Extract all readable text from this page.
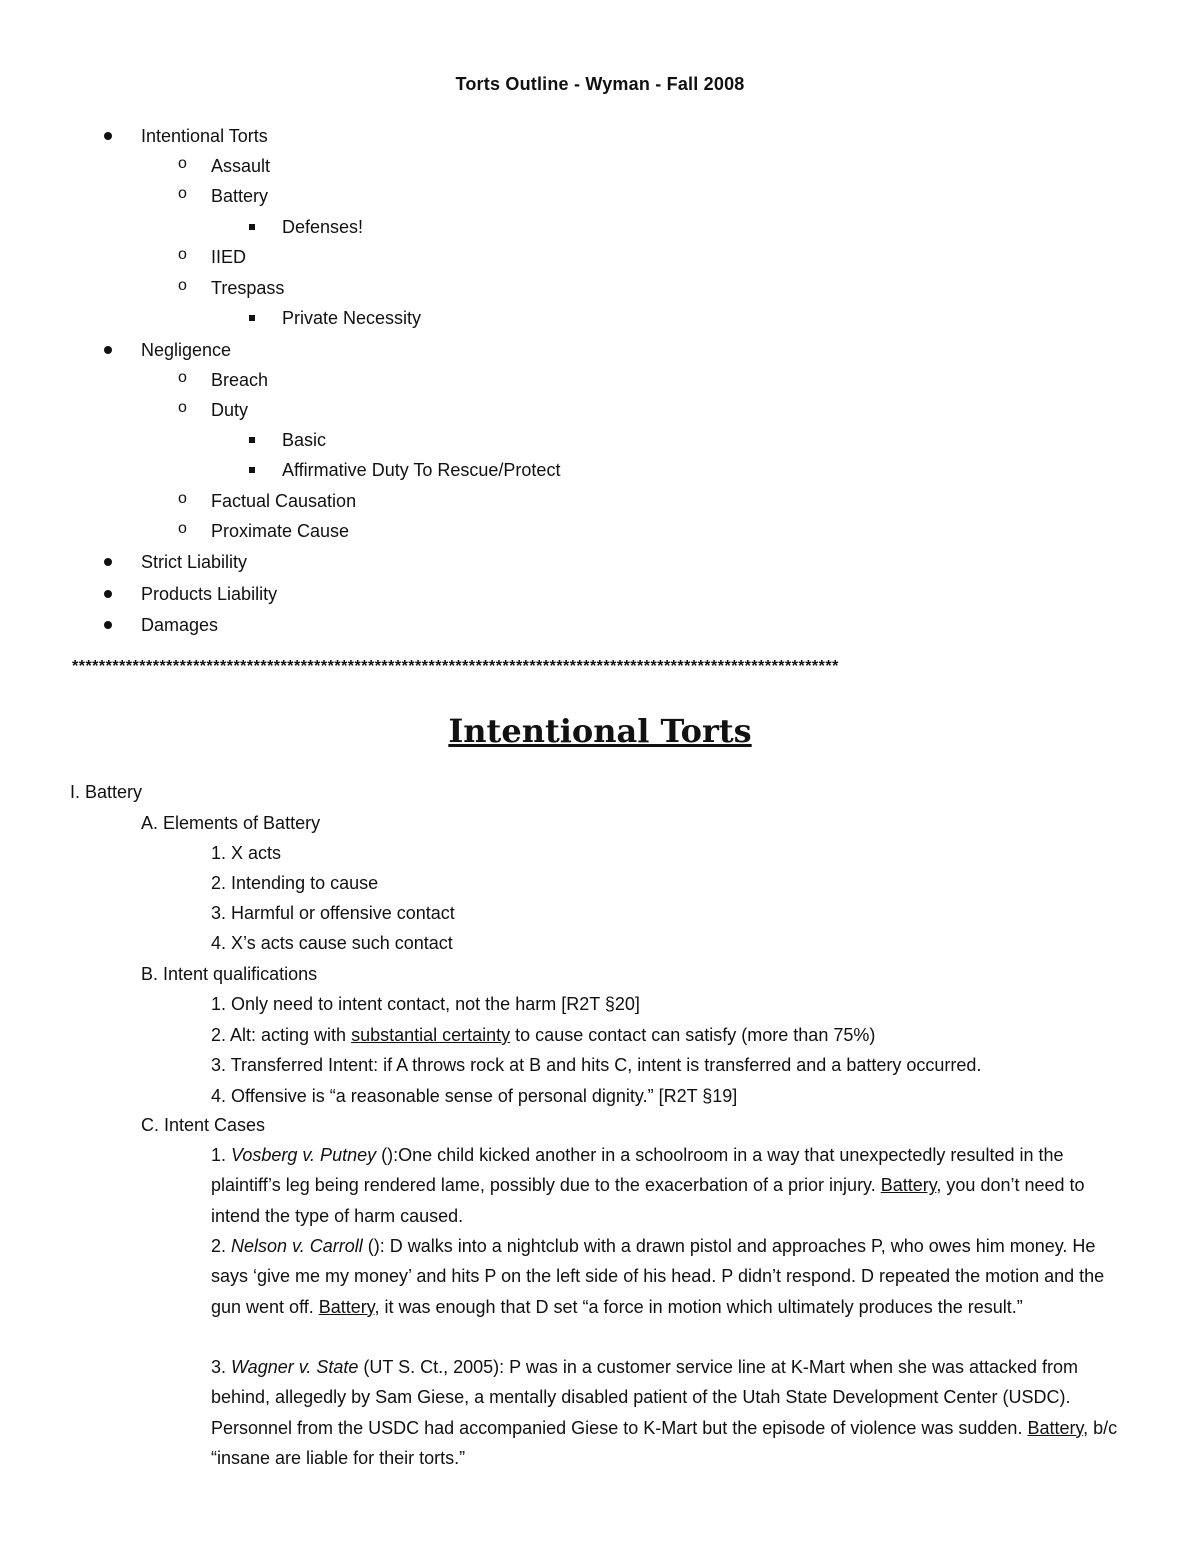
Torts Outline - Wyman - Fall 2008
Intentional Torts
o Assault
o Battery
Defenses!
o IIED
o Trespass
Private Necessity
Negligence
o Breach
o Duty
Basic
Affirmative Duty To Rescue/Protect
o Factual Causation
o Proximate Cause
Strict Liability
Products Liability
Damages
******************************************************************************************************************
Intentional Torts
I. Battery
A. Elements of Battery
1. X acts
2. Intending to cause
3. Harmful or offensive contact
4. X’s acts cause such contact
B. Intent qualifications
1. Only need to intent contact, not the harm [R2T §20]
2. Alt: acting with substantial certainty to cause contact can satisfy (more than 75%)
3. Transferred Intent: if A throws rock at B and hits C, intent is transferred and a battery occurred.
4. Offensive is “a reasonable sense of personal dignity.” [R2T §19]
C. Intent Cases
1. Vosberg v. Putney ():One child kicked another in a schoolroom in a way that unexpectedly resulted in the plaintiff’s leg being rendered lame, possibly due to the exacerbation of a prior injury. Battery, you don’t need to intend the type of harm caused.
2. Nelson v. Carroll (): D walks into a nightclub with a drawn pistol and approaches P, who owes him money. He says ‘give me my money’ and hits P on the left side of his head. P didn’t respond. D repeated the motion and the gun went off. Battery, it was enough that D set “a force in motion which ultimately produces the result.”
3. Wagner v. State (UT S. Ct., 2005): P was in a customer service line at K-Mart when she was attacked from behind, allegedly by Sam Giese, a mentally disabled patient of the Utah State Development Center (USDC). Personnel from the USDC had accompanied Giese to K-Mart but the episode of violence was sudden. Battery, b/c “insane are liable for their torts.”
